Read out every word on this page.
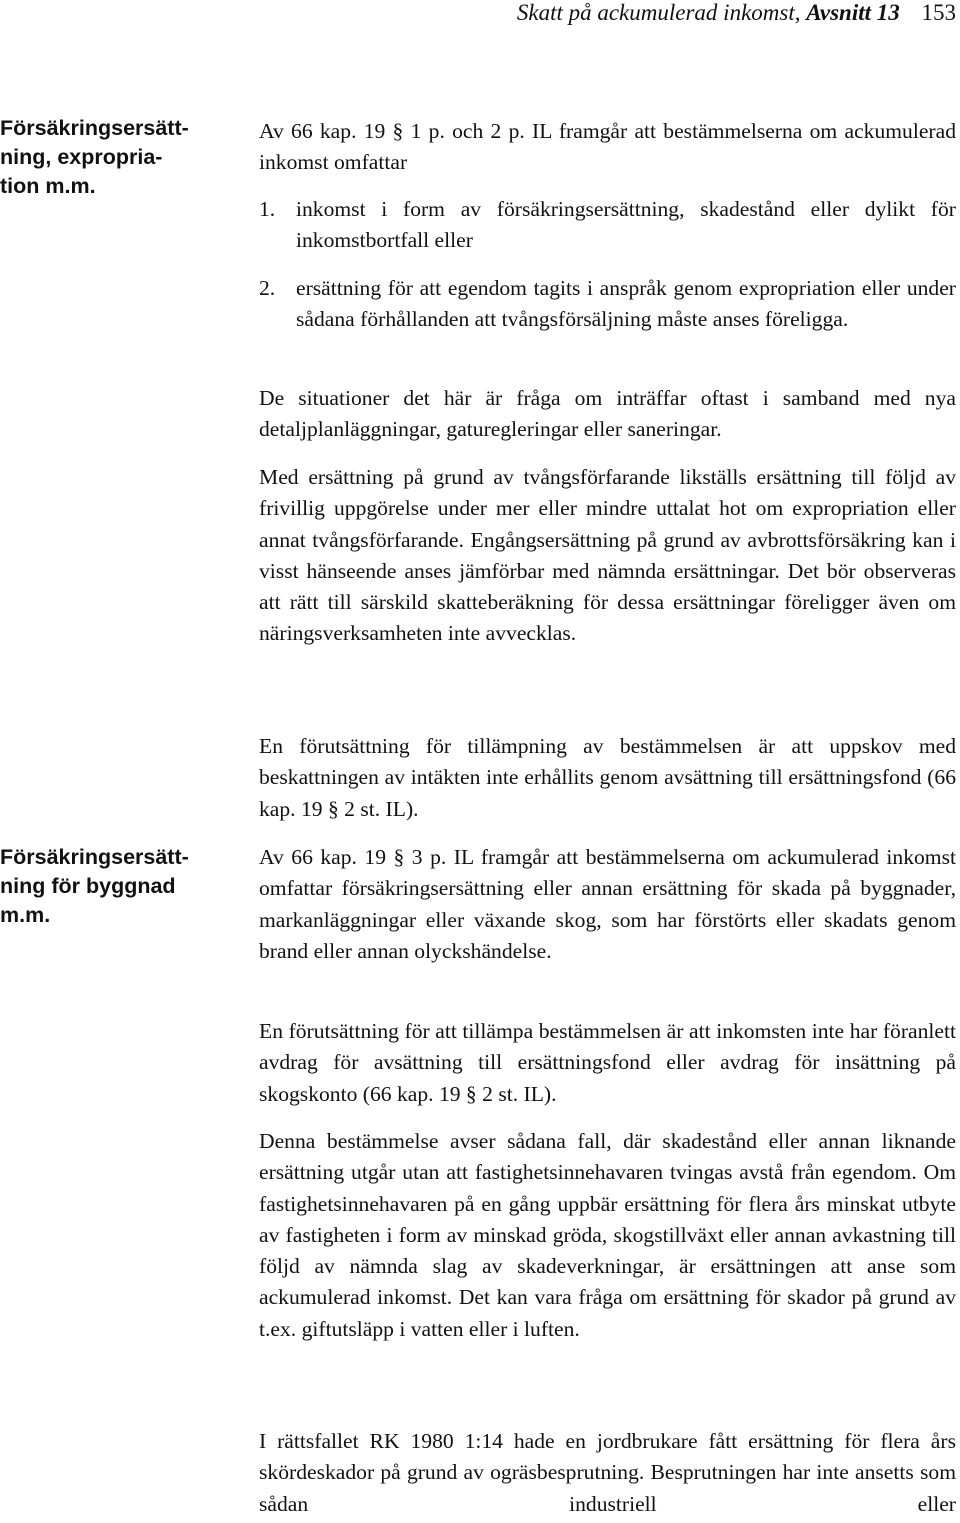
Skatt på ackumulerad inkomst, Avsnitt 13 153
Försäkringsersätt-
ning, expropria-
tion m.m.
Försäkringsersätt-
ning för byggnad
m.m.

Av 66 kap. 19 § 1 p. och 2 p. IL framgår att bestämmelserna om ackumulerad inkomst omfattar

1. inkomst i form av försäkringsersättning, skadestånd eller dylikt för inkomstbortfall eller
2. ersättning för att egendom tagits i anspråk genom expropriation eller under sådana förhållanden att tvångsförsäljning måste anses föreligga.

De situationer det här är fråga om inträffar oftast i samband med nya detaljplanläggningar, gaturegleringar eller saneringar.

Med ersättning på grund av tvångsförfarande likställs ersättning till följd av frivillig uppgörelse under mer eller mindre uttalat hot om expropriation eller annat tvångsförfarande. Engångsersättning på grund av avbrottsförsäkring kan i visst hänseende anses jämförbar med nämnda ersättningar. Det bör observeras att rätt till särskild skatteberäkning för dessa ersättningar föreligger även om näringsverksamheten inte avvecklas.

En förutsättning för tillämpning av bestämmelsen är att uppskov med beskattningen av intäkten inte erhållits genom avsättning till ersättningsfond (66 kap. 19 § 2 st. IL).

Av 66 kap. 19 § 3 p. IL framgår att bestämmelserna om ackumulerad inkomst omfattar försäkringsersättning eller annan ersättning för skada på byggnader, markanläggningar eller växande skog, som har förstörts eller skadats genom brand eller annan olyckshändelse.

En förutsättning för att tillämpa bestämmelsen är att inkomsten inte har föranlett avdrag för avsättning till ersättningsfond eller avdrag för insättning på skogskonto (66 kap. 19 § 2 st. IL).

Denna bestämmelse avser sådana fall, där skadestånd eller annan liknande ersättning utgår utan att fastighetsinnehavaren tvingas avstå från egendom. Om fastighetsinnehavaren på en gång uppbär ersättning för flera års minskat utbyte av fastigheten i form av minskad gröda, skogstillväxt eller annan avkastning till följd av nämnda slag av skadeverkningar, är ersättningen att anse som ackumulerad inkomst. Det kan vara fråga om ersättning för skador på grund av t.ex. giftutsläpp i vatten eller i luften.

I rättsfallet RK 1980 1:14 hade en jordbrukare fått ersättning för flera års skördeskador på grund av ogräsbesprutning. Besprutningen har inte ansetts som sådan industriell eller
